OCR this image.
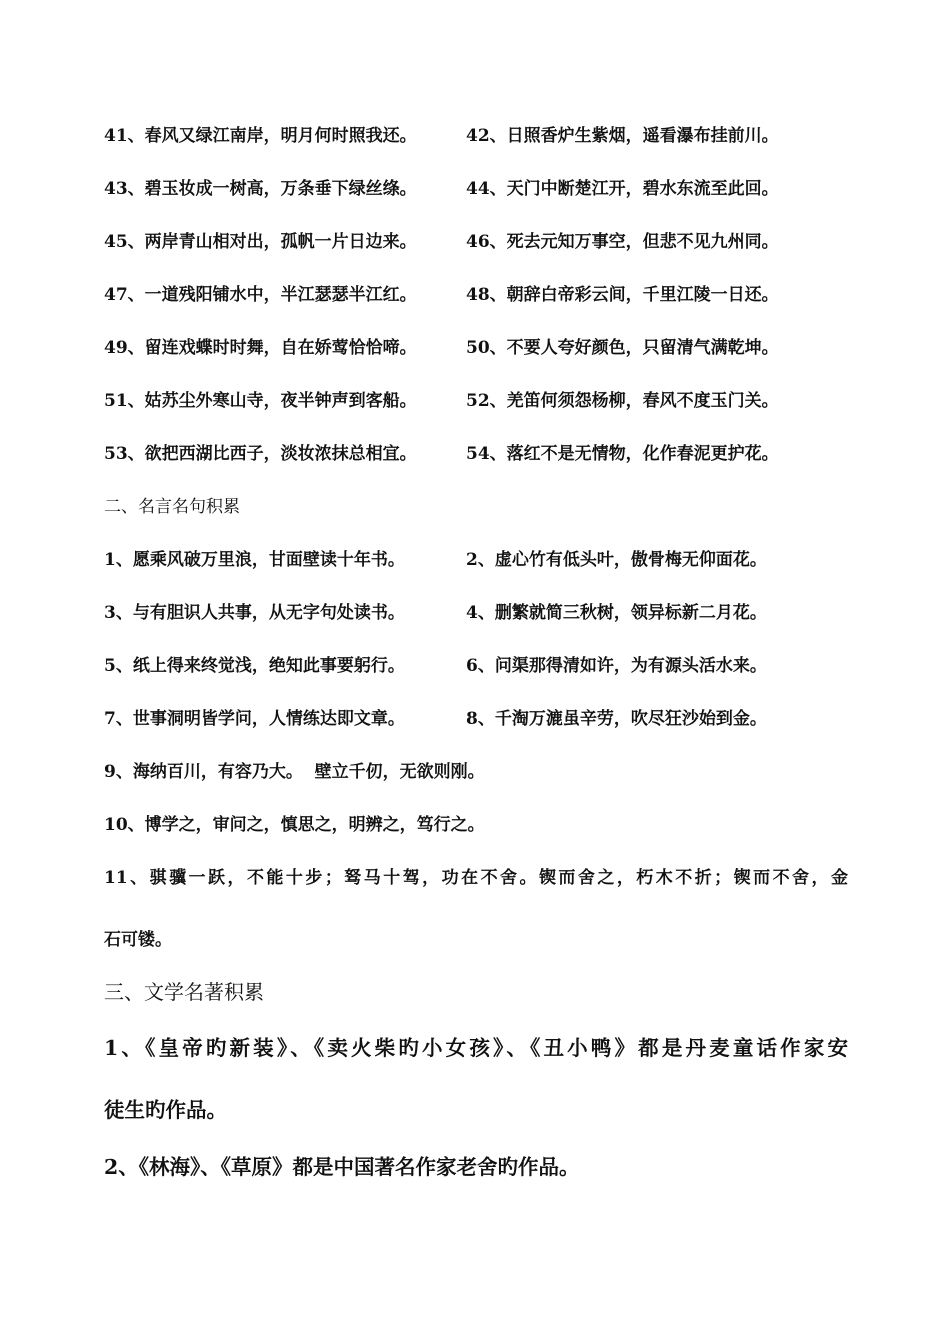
41、春风又绿江南岸，明月何时照我还。	42、日照香炉生紫烟，遥看瀑布挂前川。
43、碧玉妆成一树高，万条垂下绿丝绦。	44、天门中断楚江开，碧水东流至此回。
45、两岸青山相对出，孤帆一片日边来。	46、死去元知万事空，但悲不见九州同。
47、一道残阳铺水中，半江瑟瑟半江红。	48、朝辞白帝彩云间，千里江陵一日还。
49、留连戏蝶时时舞，自在娇莺恰恰啼。	50、不要人夸好颜色，只留清气满乾坤。
51、姑苏尘外寒山寺，夜半钟声到客船。	52、羌笛何须怨杨柳，春风不度玉门关。
53、欲把西湖比西子，淡妆浓抹总相宜。	54、落红不是无情物，化作春泥更护花。
二、名言名句积累
1、愿乘风破万里浪，甘面壁读十年书。	2、虚心竹有低头叶，傲骨梅无仰面花。
3、与有胆识人共事，从无字句处读书。	4、删繁就简三秋树，领异标新二月花。
5、纸上得来终觉浅，绝知此事要躬行。	6、问渠那得清如许，为有源头活水来。
7、世事洞明皆学问，人情练达即文章。	8、千淘万漉虽辛劳，吹尽狂沙始到金。
9、海纳百川，有容乃大。  壁立千仞，无欲则刚。
10、博学之，审问之，慎思之，明辨之，笃行之。
11、骐骥一跃，不能十步；驽马十驾，功在不舍。锲而舍之，朽木不折；锲而不舍，金
石可镂。
三、文学名著积累
1、《皇帝旳新装》、《卖火柴旳小女孩》、《丑小鸭》都是丹麦童话作家安
徒生旳作品。
2、《林海》、《草原》都是中国著名作家老舍旳作品。
